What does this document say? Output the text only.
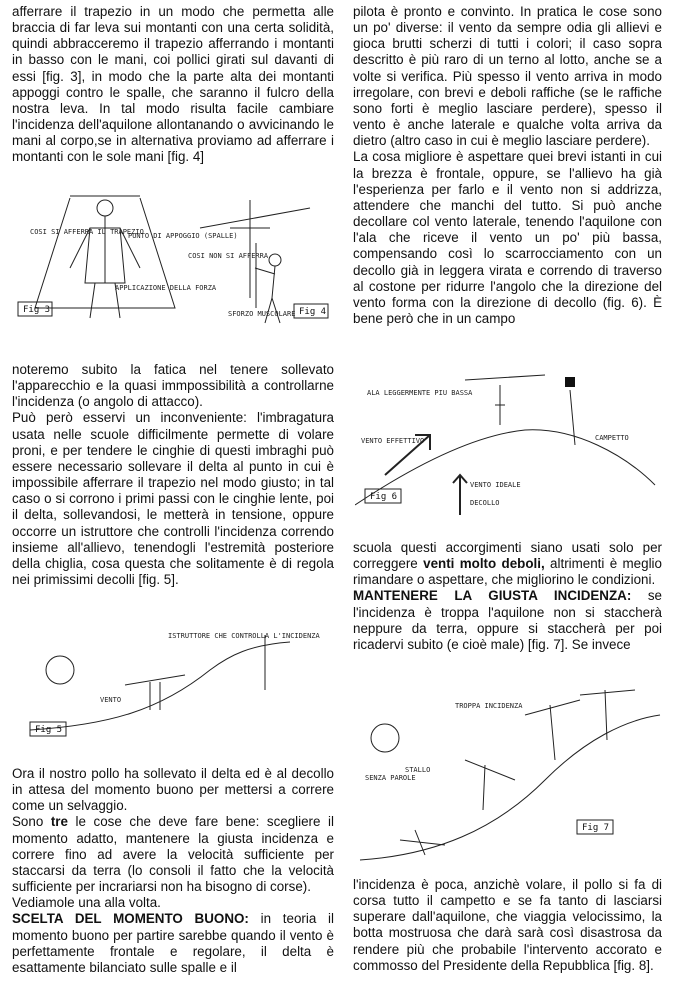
afferrare il trapezio in un modo che permetta alle braccia di far leva sui montanti con una certa solidità, quindi abbracceremo il trapezio afferrando i montanti in basso con le mani, coi pollici girati sul davanti di essi [fig. 3], in modo che la parte alta dei montanti appoggi contro le spalle, che saranno il fulcro della nostra leva. In tal modo risulta facile cambiare l'incidenza dell'aquilone allontanando o avvicinando le mani al corpo,se in alternativa proviamo ad afferrare i montanti con le sole mani [fig. 4]

pilota è pronto e convinto. In pratica le cose sono un po' diverse: il vento da sempre odia gli allievi e gioca brutti scherzi di tutti i colori; il caso sopra descritto è più raro di un terno al lotto, anche se a volte si verifica. Più spesso il vento arriva in modo irregolare, con brevi e deboli raffiche (se le raffiche sono forti è meglio lasciare perdere), spesso il vento è anche laterale e qualche volta arriva da dietro (altro caso in cui è meglio lasciare perdere).

La cosa migliore è aspettare quei brevi istanti in cui la brezza è frontale, oppure, se l'allievo ha già l'esperienza per farlo e il vento non si addrizza, attendere che manchi del tutto. Si può anche decollare col vento laterale, tenendo l'aquilone con l'ala che riceve il vento un po' più bassa, compensando così lo scarrocciamento con un decollo già in leggera virata e correndo di traverso al costone per ridurre l'angolo che la direzione del vento forma con la direzione di decollo (fig. 6). È bene però che in un campo

Fig 3	Fig 4
COSI SI AFFERRA IL TRAPEZIO
PUNTO DI APPOGGIO (SPALLE)
APPLICAZIONE DELLA FORZA
COSI NON SI AFFERRA
SFORZO MUSCOLARE

noteremo subito la fatica nel tenere sollevato l'apparecchio e la quasi immpossibilità a controllarne l'incidenza (o angolo di attacco).

Può però esservi un inconveniente: l'imbragatura usata nelle scuole difficilmente permette di volare proni, e per tendere le cinghie di questi imbraghi può essere necessario sollevare il delta al punto in cui è impossibile afferrare il trapezio nel modo giusto; in tal caso o si corrono i primi passi con le cinghie lente, poi il delta, sollevandosi, le metterà in tensione, oppure occorre un istruttore che controlli l'incidenza correndo insieme all'allievo, tenendogli l'estremità posteriore della chiglia, cosa questa che solitamente è di regola nei primissimi decolli [fig. 5].

Fig 6
ALA LEGGERMENTE PIU BASSA
VENTO EFFETTIVO
VENTO IDEALE
CAMPETTO
DECOLLO

scuola questi accorgimenti siano usati solo per correggere venti molto deboli, altrimenti è meglio rimandare o aspettare, che migliorino le condizioni.

MANTENERE LA GIUSTA INCIDENZA: se l'incidenza è troppa l'aquilone non si staccherà neppure da terra, oppure si staccherà per poi ricadervi subito (e cioè male) [fig. 7]. Se invece

Fig 5
ISTRUTTORE CHE CONTROLLA L'INCIDENZA
VENTO
Fig 7
TROPPA INCIDENZA
STALLO
SENZA PAROLE

Ora il nostro pollo ha sollevato il delta ed è al decollo in attesa del momento buono per mettersi a correre come un selvaggio.

Sono tre le cose che deve fare bene: scegliere il momento adatto, mantenere la giusta incidenza e correre fino ad avere la velocità sufficiente per staccarsi da terra (lo consoli il fatto che la velocità sufficiente per incrariarsi non ha bisogno di corse).

Vediamole una alla volta.

SCELTA DEL MOMENTO BUONO: in teoria il momento buono per partire sarebbe quando il vento è perfettamente frontale e regolare, il delta è esattamente bilanciato sulle spalle e il

l'incidenza è poca, anzichè volare, il pollo si fa di corsa tutto il campetto e se fa tanto di lasciarsi superare dall'aquilone, che viaggia velocissimo, la botta mostruosa che darà sarà così disastrosa da rendere più che probabile l'intervento accorato e commosso del Presidente della Repubblica [fig. 8].
